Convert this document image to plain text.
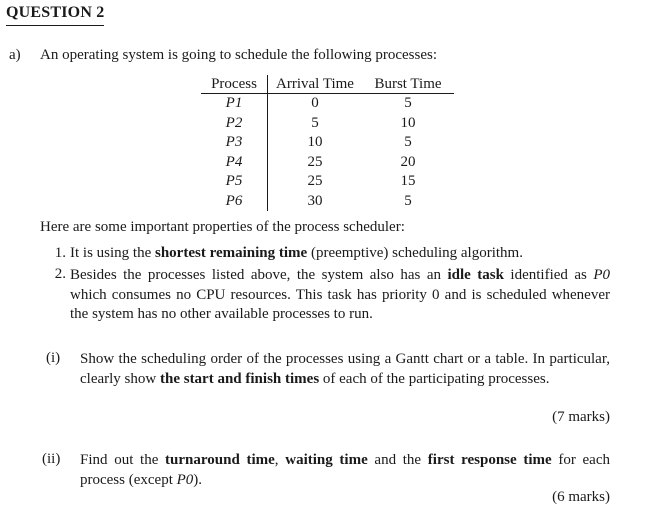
QUESTION 2
a) An operating system is going to schedule the following processes:
Process	Arrival Time	Burst Time
P1	0	5
P2	5	10
P3	10	5
P4	25	20
P5	25	15
P6	30	5
Here are some important properties of the process scheduler:
1. It is using the shortest remaining time (preemptive) scheduling algorithm.
2. Besides the processes listed above, the system also has an idle task identified as P0 which consumes no CPU resources. This task has priority 0 and is scheduled whenever the system has no other available processes to run.
(i) Show the scheduling order of the processes using a Gantt chart or a table. In particular, clearly show the start and finish times of each of the participating processes.
(7 marks)
(ii) Find out the turnaround time, waiting time and the first response time for each process (except P0).
(6 marks)
